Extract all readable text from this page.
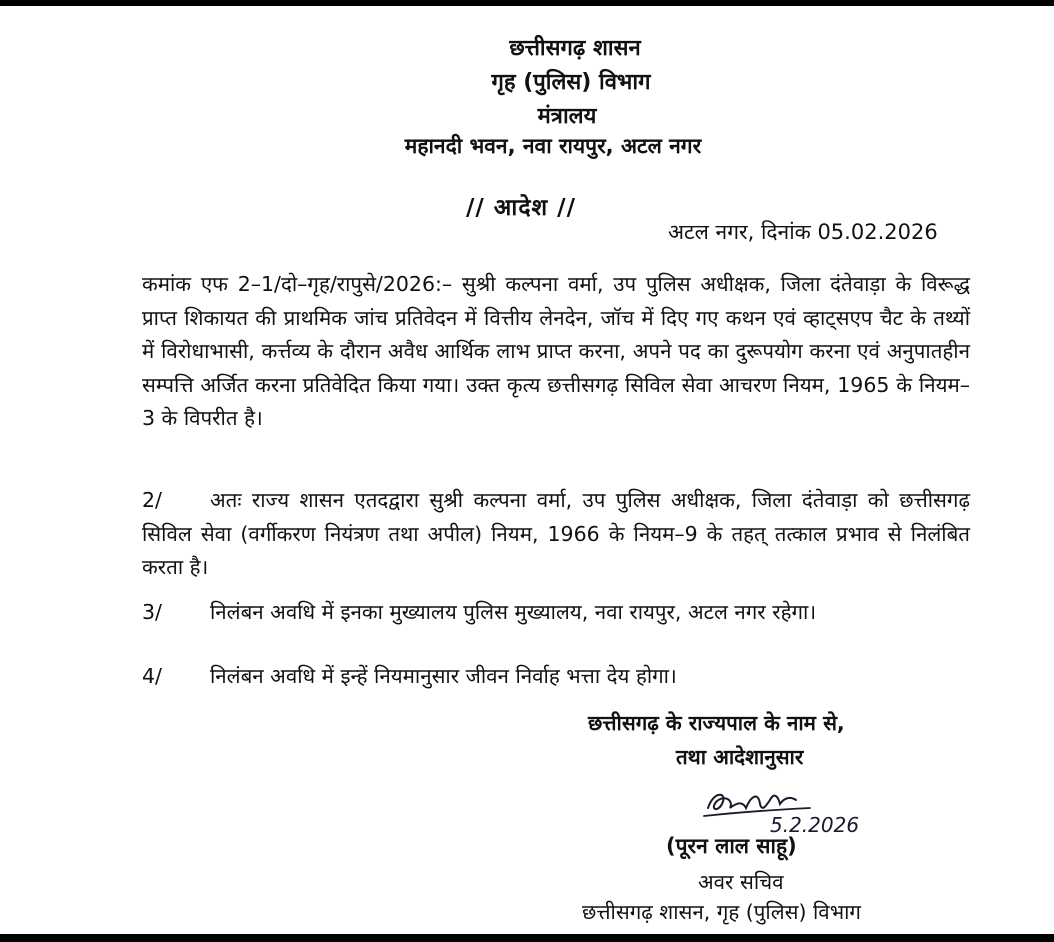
छत्तीसगढ़ शासन
गृह (पुलिस) विभाग
मंत्रालय
महानदी भवन, नवा रायपुर, अटल नगर
// आदेश //
अटल नगर, दिनांक 05.02.2026
कमांक एफ 2–1/दो–गृह/रापुसे/2026:– सुश्री कल्पना वर्मा, उप पुलिस अधीक्षक, जिला दंतेवाड़ा के विरूद्ध प्राप्त शिकायत की प्राथमिक जांच प्रतिवेदन में वित्तीय लेनदेन, जॉच में दिए गए कथन एवं व्हाट्सएप चैट के तथ्यों में विरोधाभासी, कर्त्तव्य के दौरान अवैध आर्थिक लाभ प्राप्त करना, अपने पद का दुरूपयोग करना एवं अनुपातहीन सम्पत्ति अर्जित करना प्रतिवेदित किया गया। उक्त कृत्य छत्तीसगढ़ सिविल सेवा आचरण नियम, 1965 के नियम–3 के विपरीत है।
2/ अतः राज्य शासन एतदद्वारा सुश्री कल्पना वर्मा, उप पुलिस अधीक्षक, जिला दंतेवाड़ा को छत्तीसगढ़ सिविल सेवा (वर्गीकरण नियंत्रण तथा अपील) नियम, 1966 के नियम–9 के तहत् तत्काल प्रभाव से निलंबित करता है।
3/ निलंबन अवधि में इनका मुख्यालय पुलिस मुख्यालय, नवा रायपुर, अटल नगर रहेगा।
4/ निलंबन अवधि में इन्हें नियमानुसार जीवन निर्वाह भत्ता देय होगा।
छत्तीसगढ़ के राज्यपाल के नाम से,
तथा आदेशानुसार
5.2.2026
(पूरन लाल साहू)
अवर सचिव
छत्तीसगढ़ शासन, गृह (पुलिस) विभाग
